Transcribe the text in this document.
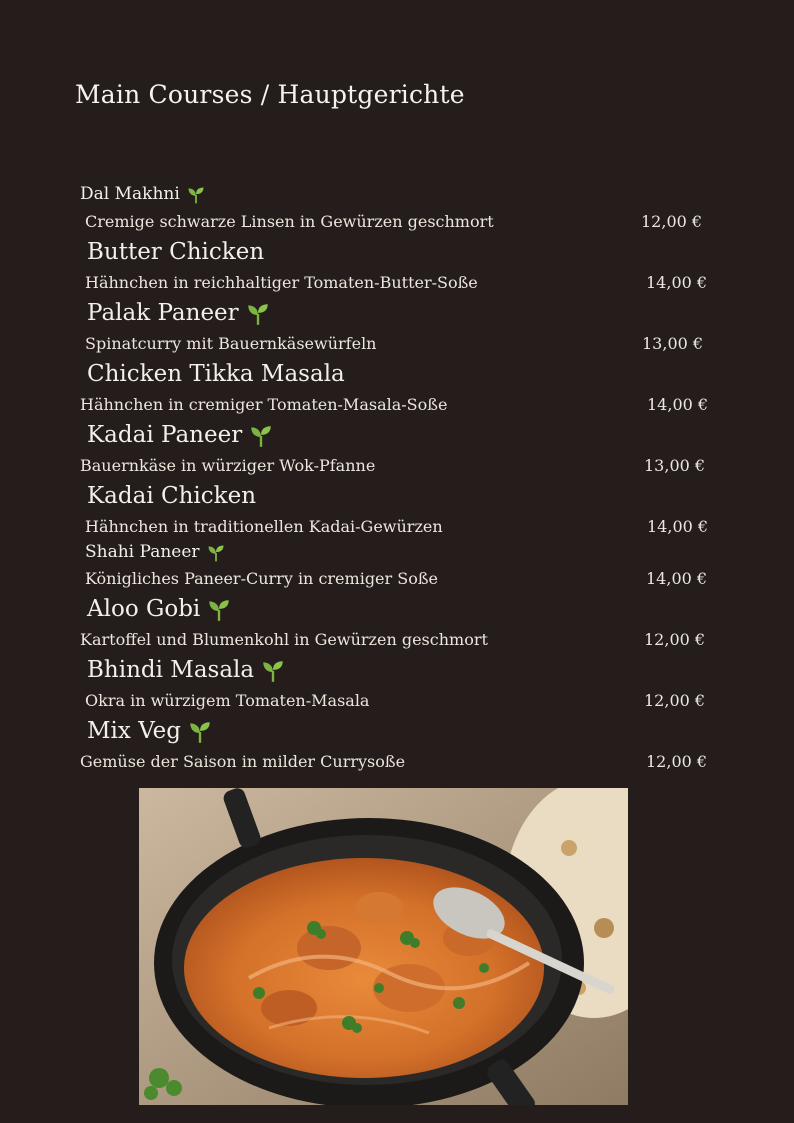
Main Courses / Hauptgerichte
Dal Makhni
Cremige schwarze Linsen in Gewürzen geschmort	12,00 €
Butter Chicken
Hähnchen in reichhaltiger Tomaten-Butter-Soße	14,00 €
Palak Paneer
Spinatcurry mit Bauernkäsewürfeln	13,00 €
Chicken Tikka Masala
Hähnchen in cremiger Tomaten-Masala-Soße	14,00 €
Kadai Paneer
Bauernkäse in würziger Wok-Pfanne	13,00 €
Kadai Chicken
Hähnchen in traditionellen Kadai-Gewürzen	14,00 €
Shahi Paneer
Königliches Paneer-Curry in cremiger Soße	14,00 €
Aloo Gobi
Kartoffel und Blumenkohl in Gewürzen geschmort	12,00 €
Bhindi Masala
Okra in würzigem Tomaten-Masala	12,00 €
Mix Veg
Gemüse der Saison in milder Currysoße	12,00 €
